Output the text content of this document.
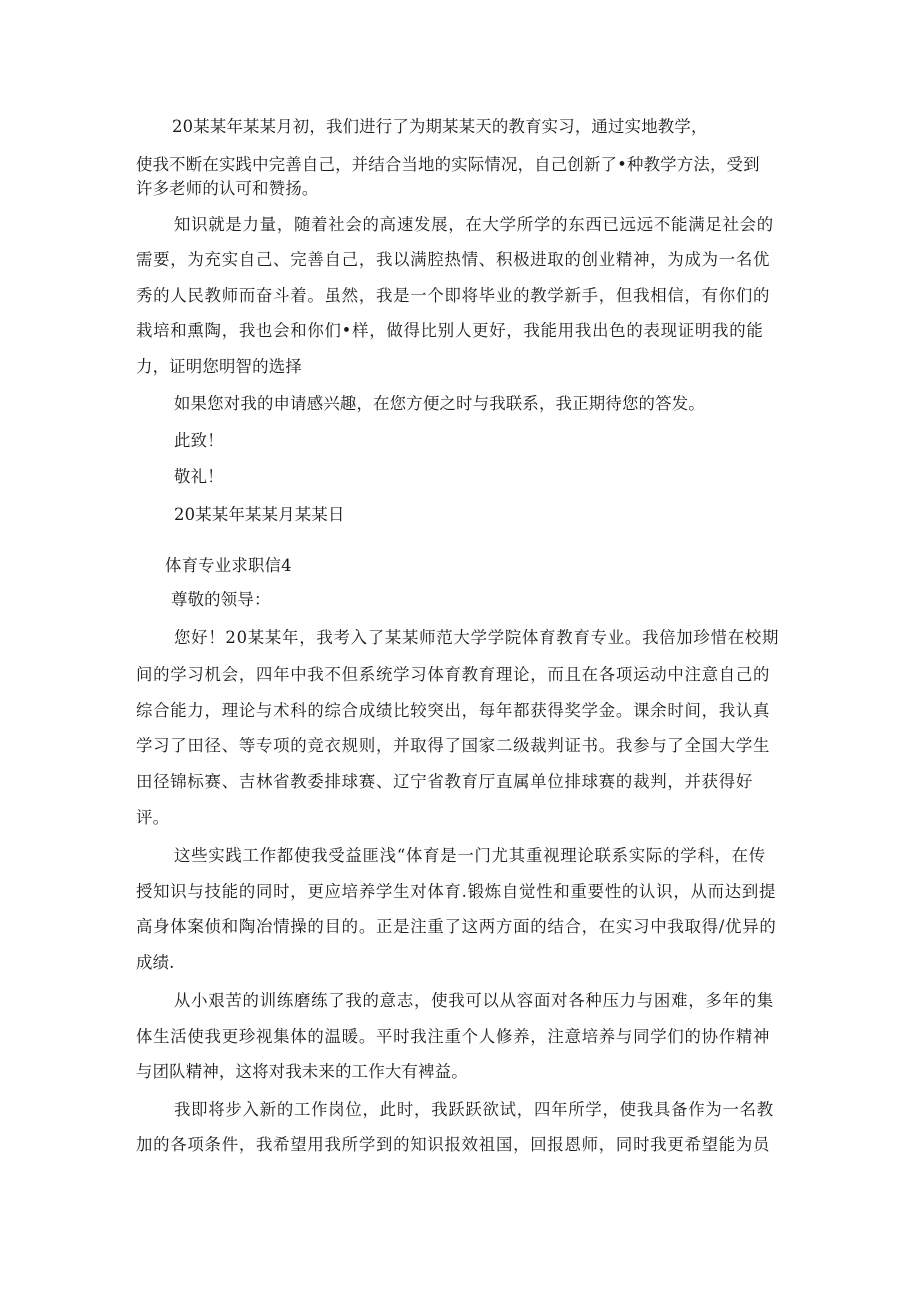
20某某年某某月初，我们进行了为期某某天的教育实习，通过实地教学，
使我不断在实践中完善自己，并结合当地的实际情况，自己创新了•种教学方法，受到
许多老师的认可和赞扬。
知识就是力量，随着社会的高速发展，在大学所学的东西已远远不能满足社会的
需要，为充实自己、完善自己，我以满腔热情、积极进取的创业精神，为成为一名优
秀的人民教师而奋斗着。虽然，我是一个即将毕业的教学新手，但我相信，有你们的
栽培和熏陶，我也会和你们•样，做得比别人更好，我能用我出色的表现证明我的能
力，证明您明智的选择
如果您对我的申请感兴趣，在您方便之时与我联系，我正期待您的答发。
此致！
敬礼！
20某某年某某月某某日
体育专业求职信4
尊敬的领导：
您好！20某某年，我考入了某某师范大学学院体育教育专业。我倍加珍惜在校期
间的学习机会，四年中我不但系统学习体育教育理论，而且在各项运动中注意自己的
综合能力，理论与术科的综合成绩比较突出，每年都获得奖学金。课余时间，我认真
学习了田径、等专项的竞衣规则，并取得了国家二级裁判证书。我参与了全国大学生
田径锦标赛、吉林省教委排球赛、辽宁省教育厅直属单位排球赛的裁判，并获得好
评。
这些实践工作都使我受益匪浅“体育是一门尤其重视理论联系实际的学科，在传
授知识与技能的同时，更应培养学生对体育.锻炼自觉性和重要性的认识，从而达到提
高身体案侦和陶冶情操的目的。正是注重了这两方面的结合，在实习中我取得/优异的
成绩.
从小艰苦的训练磨练了我的意志，使我可以从容面对各种压力与困难，多年的集
体生活使我更珍视集体的温暖。平时我注重个人修养，注意培养与同学们的协作精神
与团队精神，这将对我未来的工作大有裨益。
我即将步入新的工作岗位，此时，我跃跃欲试，四年所学，使我具备作为一名教
加的各项条件，我希望用我所学到的知识报效祖国，回报恩师，同时我更希望能为员
